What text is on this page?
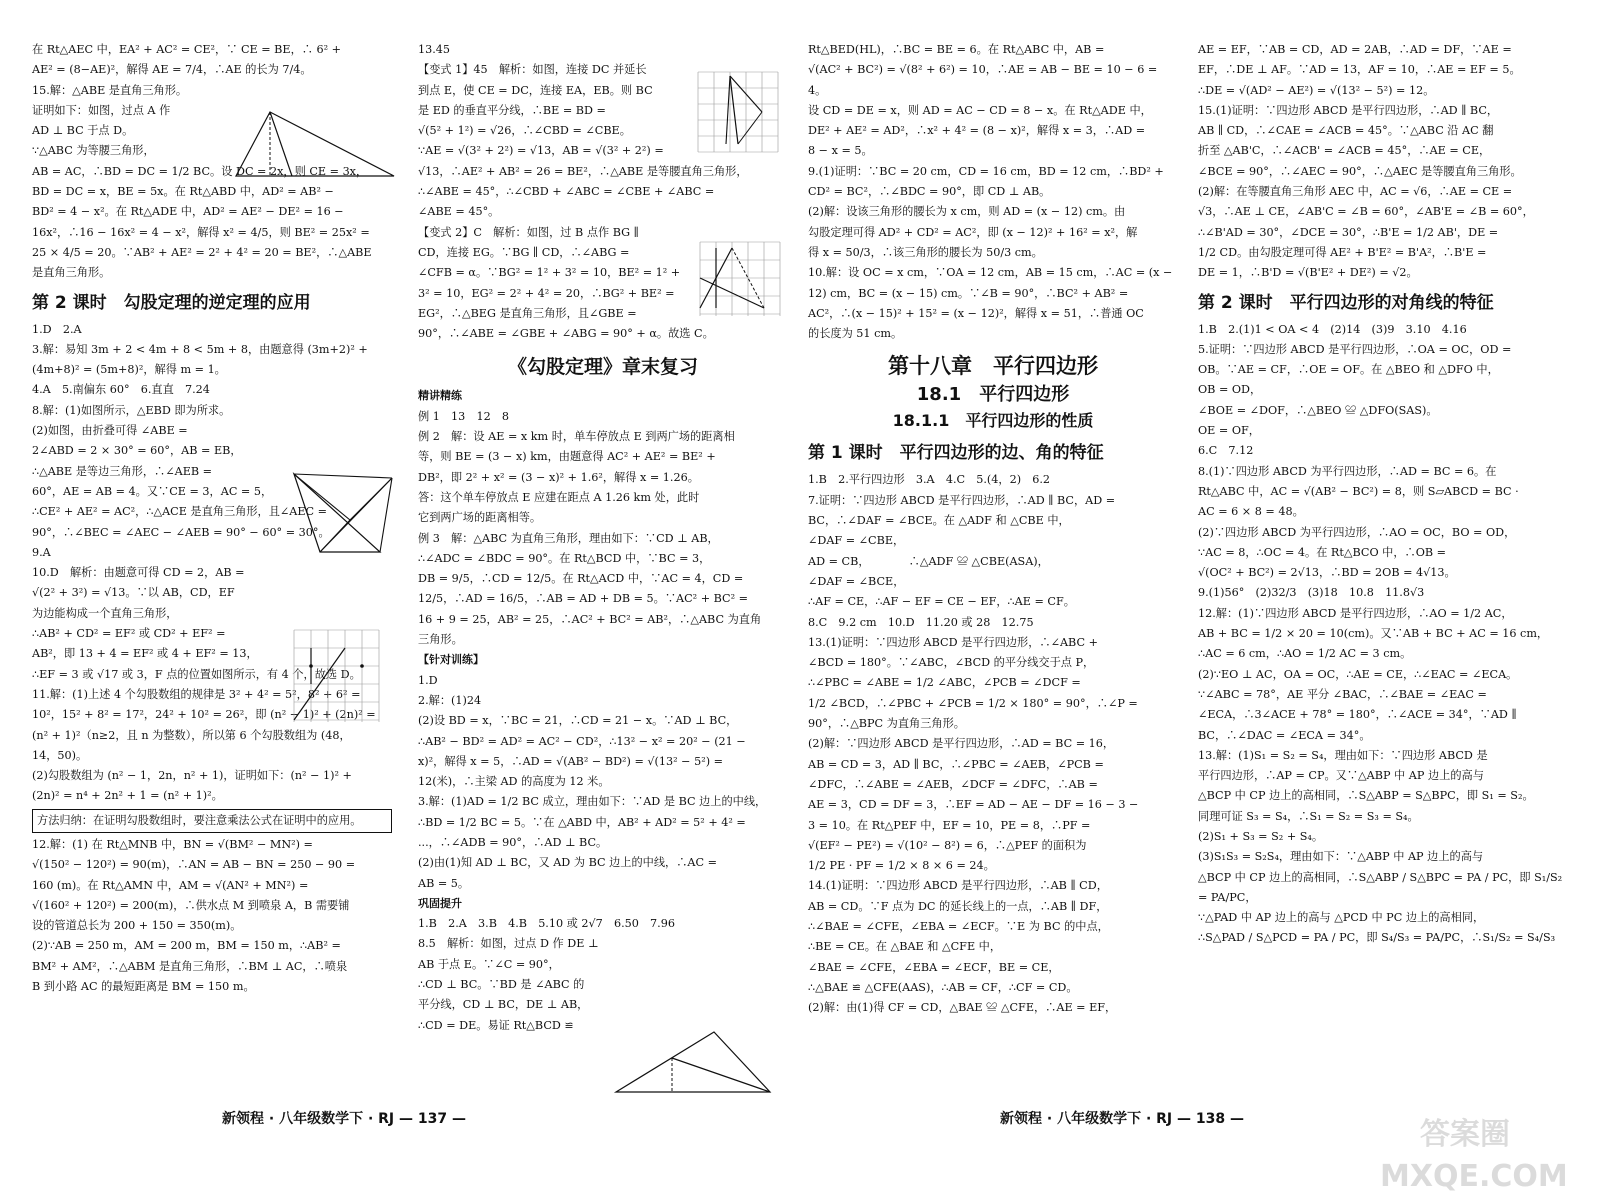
在 Rt△AEC 中，EA² + AC² = CE²，∵ CE = BE，∴ 6² +

AE² = (8−AE)²，解得 AE = 7/4，∴AE 的长为 7/4。

15.解：△ABE 是直角三角形。

证明如下：如图，过点 A 作

AD ⊥ BC 于点 D。

∵△ABC 为等腰三角形，

AB = AC，∴BD = DC = 1/2 BC。设 DC = 2x，则 CE = 3x，

BD = DC = x，BE = 5x。在 Rt△ABD 中，AD² = AB² −

BD² = 4 − x²。在 Rt△ADE 中，AD² = AE² − DE² = 16 −

16x²，∴16 − 16x² = 4 − x²，解得 x² = 4/5，则 BE² = 25x² =

25 × 4/5 = 20。∵AB² + AE² = 2² + 4² = 20 = BE²，∴△ABE

是直角三角形。

第 2 课时　勾股定理的逆定理的应用

1.D　2.A

3.解：易知 3m + 2 < 4m + 8 < 5m + 8，由题意得 (3m+2)² +

(4m+8)² = (5m+8)²，解得 m = 1。

4.A　5.南偏东 60°　6.直直　7.24

8.解：(1)如图所示，△EBD 即为所求。

(2)如图，由折叠可得 ∠ABE =

2∠ABD = 2 × 30° = 60°，AB = EB，

∴△ABE 是等边三角形，∴∠AEB =

60°，AE = AB = 4。又∵CE = 3，AC = 5，

∴CE² + AE² = AC²，∴△ACE 是直角三角形，且∠AEC =

90°，∴∠BEC = ∠AEC − ∠AEB = 90° − 60° = 30°。

9.A

10.D　解析：由题意可得 CD = 2，AB =

√(2² + 3²) = √13。∵以 AB，CD，EF

为边能构成一个直角三角形，

∴AB² + CD² = EF² 或 CD² + EF² =

AB²，即 13 + 4 = EF² 或 4 + EF² = 13，

∴EF = 3 或 √17 或 3，F 点的位置如图所示，有 4 个，故选 D。

11.解：(1)上述 4 个勾股数组的规律是 3² + 4² = 5²，8² + 6² =

10²，15² + 8² = 17²，24² + 10² = 26²，即 (n² − 1)² + (2n)² =

(n² + 1)²（n≥2，且 n 为整数），所以第 6 个勾股数组为 (48，

14，50)。

(2)勾股数组为 (n² − 1，2n，n² + 1)，证明如下：(n² − 1)² +

(2n)² = n⁴ + 2n² + 1 = (n² + 1)²。

方法归纳：在证明勾股数组时，要注意乘法公式在证明中的应用。

12.解：(1) 在 Rt△MNB 中，BN = √(BM² − MN²) =

√(150² − 120²) = 90(m)，∴AN = AB − BN = 250 − 90 =

160 (m)。在 Rt△AMN 中，AM = √(AN² + MN²) =

√(160² + 120²) = 200(m)，∴供水点 M 到喷泉 A，B 需要铺

设的管道总长为 200 + 150 = 350(m)。

(2)∵AB = 250 m，AM = 200 m，BM = 150 m，∴AB² =

BM² + AM²，∴△ABM 是直角三角形，∴BM ⊥ AC，∴喷泉

B 到小路 AC 的最短距离是 BM = 150 m。

13.45

【变式 1】45　解析：如图，连接 DC 并延长

到点 E，使 CE = DC，连接 EA，EB。则 BC

是 ED 的垂直平分线，∴BE = BD =

√(5² + 1²) = √26，∴∠CBD = ∠CBE。

∵AE = √(3² + 2²) = √13，AB = √(3² + 2²) =

√13，∴AE² + AB² = 26 = BE²，∴△ABE 是等腰直角三角形，

∴∠ABE = 45°，∴∠CBD + ∠ABC = ∠CBE + ∠ABC =

∠ABE = 45°。

【变式 2】C　解析：如图，过 B 点作 BG ∥

CD，连接 EG。∵BG ∥ CD，∴∠ABG =

∠CFB = α。∵BG² = 1² + 3² = 10，BE² = 1² +

3² = 10，EG² = 2² + 4² = 20，∴BG² + BE² =

EG²，∴△BEG 是直角三角形，且∠GBE =

90°，∴∠ABE = ∠GBE + ∠ABG = 90° + α。故选 C。

《勾股定理》章末复习

精讲精练

例 1　13　12　8

例 2　解：设 AE = x km 时，单车停放点 E 到两广场的距离相

等，则 BE = (3 − x) km，由题意得 AC² + AE² = BE² +

DB²，即 2² + x² = (3 − x)² + 1.6²，解得 x = 1.26。

答：这个单车停放点 E 应建在距点 A 1.26 km 处，此时

它到两广场的距离相等。

例 3　解：△ABC 为直角三角形，理由如下：∵CD ⊥ AB，

∴∠ADC = ∠BDC = 90°。在 Rt△BCD 中，∵BC = 3，

DB = 9/5，∴CD = 12/5。在 Rt△ACD 中，∵AC = 4，CD =

12/5，∴AD = 16/5，∴AB = AD + DB = 5。∵AC² + BC² =

16 + 9 = 25，AB² = 25，∴AC² + BC² = AB²，∴△ABC 为直角

三角形。

【针对训练】

1.D

2.解：(1)24

(2)设 BD = x，∵BC = 21，∴CD = 21 − x。∵AD ⊥ BC，

∴AB² − BD² = AD² = AC² − CD²，∴13² − x² = 20² − (21 −

x)²，解得 x = 5，∴AD = √(AB² − BD²) = √(13² − 5²) =

12(米)，∴主梁 AD 的高度为 12 米。

3.解：(1)AD = 1/2 BC 成立，理由如下：∵AD 是 BC 边上的中线，

∴BD = 1/2 BC = 5。∵在 △ABD 中，AB² + AD² = 5² + 4² =

...，∴∠ADB = 90°，∴AD ⊥ BC。

(2)由(1)知 AD ⊥ BC，又 AD 为 BC 边上的中线，∴AC =

AB = 5。

巩固提升

1.B　2.A　3.B　4.B　5.10 或 2√7　6.50　7.96

8.5　解析：如图，过点 D 作 DE ⊥

AB 于点 E。∵∠C = 90°，

∴CD ⊥ BC。∵BD 是 ∠ABC 的

平分线，CD ⊥ BC，DE ⊥ AB，

∴CD = DE。易证 Rt△BCD ≌

Rt△BED(HL)，∴BC = BE = 6。在 Rt△ABC 中，AB =

√(AC² + BC²) = √(8² + 6²) = 10，∴AE = AB − BE = 10 − 6 = 4。

设 CD = DE = x，则 AD = AC − CD = 8 − x。在 Rt△ADE 中，

DE² + AE² = AD²，∴x² + 4² = (8 − x)²，解得 x = 3，∴AD =

8 − x = 5。

9.(1)证明：∵BC = 20 cm，CD = 16 cm，BD = 12 cm，∴BD² +

CD² = BC²，∴∠BDC = 90°，即 CD ⊥ AB。

(2)解：设该三角形的腰长为 x cm，则 AD = (x − 12) cm。由

勾股定理可得 AD² + CD² = AC²，即 (x − 12)² + 16² = x²，解

得 x = 50/3，∴该三角形的腰长为 50/3 cm。

10.解：设 OC = x cm，∵OA = 12 cm，AB = 15 cm，∴AC = (x −

12) cm，BC = (x − 15) cm。∵∠B = 90°，∴BC² + AB² =

AC²，∴(x − 15)² + 15² = (x − 12)²，解得 x = 51，∴普通 OC

的长度为 51 cm。

第十八章　平行四边形

18.1　平行四边形

18.1.1　平行四边形的性质

第 1 课时　平行四边形的边、角的特征

1.B　2.平行四边形　3.A　4.C　5.(4，2)　6.2

7.证明：∵四边形 ABCD 是平行四边形，∴AD ∥ BC，AD =

BC，∴∠DAF = ∠BCE。在 △ADF 和 △CBE 中，

∠DAF = ∠CBE，

AD = CB，　　　　∴△ADF ≌ △CBE(ASA)，

∠DAF = ∠BCE，

∴AF = CE，∴AF − EF = CE − EF，∴AE = CF。

8.C　9.2 cm　10.D　11.20 或 28　12.75

13.(1)证明：∵四边形 ABCD 是平行四边形，∴∠ABC +

∠BCD = 180°。∵∠ABC，∠BCD 的平分线交于点 P，

∴∠PBC = ∠ABE = 1/2 ∠ABC，∠PCB = ∠DCF =

1/2 ∠BCD，∴∠PBC + ∠PCB = 1/2 × 180° = 90°，∴∠P =

90°，∴△BPC 为直角三角形。

(2)解：∵四边形 ABCD 是平行四边形，∴AD = BC = 16，

AB = CD = 3，AD ∥ BC，∴∠PBC = ∠AEB，∠PCB =

∠DFC，∴∠ABE = ∠AEB，∠DCF = ∠DFC，∴AB =

AE = 3，CD = DF = 3，∴EF = AD − AE − DF = 16 − 3 −

3 = 10。在 Rt△PEF 中，EF = 10，PE = 8，∴PF =

√(EF² − PE²) = √(10² − 8²) = 6，∴△PEF 的面积为

1/2 PE · PF = 1/2 × 8 × 6 = 24。

14.(1)证明：∵四边形 ABCD 是平行四边形，∴AB ∥ CD，

AB = CD。∵F 点为 DC 的延长线上的一点，∴AB ∥ DF，

∴∠BAE = ∠CFE，∠EBA = ∠ECF。∵E 为 BC 的中点，

∴BE = CE。在 △BAE 和 △CFE 中，

∠BAE = ∠CFE，∠EBA = ∠ECF，BE = CE，

∴△BAE ≌ △CFE(AAS)，∴AB = CF，∴CF = CD。

(2)解：由(1)得 CF = CD，△BAE ≌ △CFE，∴AE = EF，

AE = EF，∵AB = CD，AD = 2AB，∴AD = DF，∵AE =

EF，∴DE ⊥ AF。∵AD = 13，AF = 10，∴AE = EF = 5。

∴DE = √(AD² − AE²) = √(13² − 5²) = 12。

15.(1)证明：∵四边形 ABCD 是平行四边形，∴AD ∥ BC，

AB ∥ CD，∴∠CAE = ∠ACB = 45°。∵△ABC 沿 AC 翻

折至 △AB'C，∴∠ACB' = ∠ACB = 45°，∴AE = CE，

∠BCE = 90°，∴∠AEC = 90°，∴△AEC 是等腰直角三角形。

(2)解：在等腰直角三角形 AEC 中，AC = √6，∴AE = CE =

√3，∴AE ⊥ CE，∠AB'C = ∠B = 60°，∠AB'E = ∠B = 60°，

∴∠B'AD = 30°，∠DCE = 30°，∴B'E = 1/2 AB'，DE =

1/2 CD。由勾股定理可得 AE² + B'E² = B'A²，∴B'E =

DE = 1，∴B'D = √(B'E² + DE²) = √2。

第 2 课时　平行四边形的对角线的特征

1.B　2.(1)1 < OA < 4　(2)14　(3)9　3.10　4.16

5.证明：∵四边形 ABCD 是平行四边形，∴OA = OC，OD =

OB。∵AE = CF，∴OE = OF。在 △BEO 和 △DFO 中，

OB = OD，

∠BOE = ∠DOF，∴△BEO ≌ △DFO(SAS)。

OE = OF，

6.C　7.12

8.(1)∵四边形 ABCD 为平行四边形，∴AD = BC = 6。在

Rt△ABC 中，AC = √(AB² − BC²) = 8，则 S▱ABCD = BC ·

AC = 6 × 8 = 48。

(2)∵四边形 ABCD 为平行四边形，∴AO = OC，BO = OD，

∵AC = 8，∴OC = 4。在 Rt△BCO 中，∴OB =

√(OC² + BC²) = 2√13，∴BD = 2OB = 4√13。

9.(1)56°　(2)32/3　(3)18　10.8　11.8√3

12.解：(1)∵四边形 ABCD 是平行四边形，∴AO = 1/2 AC，

AB + BC = 1/2 × 20 = 10(cm)。又∵AB + BC + AC = 16 cm，

∴AC = 6 cm，∴AO = 1/2 AC = 3 cm。

(2)∵EO ⊥ AC，OA = OC，∴AE = CE，∴∠EAC = ∠ECA。

∵∠ABC = 78°，AE 平分 ∠BAC，∴∠BAE = ∠EAC =

∠ECA，∴3∠ACE + 78° = 180°，∴∠ACE = 34°，∵AD ∥

BC，∴∠DAC = ∠ECA = 34°。

13.解：(1)S₁ = S₂ = S₄，理由如下：∵四边形 ABCD 是

平行四边形，∴AP = CP。又∵△ABP 中 AP 边上的高与

△BCP 中 CP 边上的高相同，∴S△ABP = S△BPC，即 S₁ = S₂。

同理可证 S₃ = S₄，∴S₁ = S₂ = S₃ = S₄。

(2)S₁ + S₃ = S₂ + S₄。

(3)S₁S₃ = S₂S₄，理由如下：∵△ABP 中 AP 边上的高与

△BCP 中 CP 边上的高相同，∴S△ABP / S△BPC = PA / PC，即 S₁/S₂ = PA/PC，

∵△PAD 中 AP 边上的高与 △PCD 中 PC 边上的高相同，

∴S△PAD / S△PCD = PA / PC，即 S₄/S₃ = PA/PC，∴S₁/S₂ = S₄/S₃

新领程 · 八年级数学下 · RJ — 137 —	新领程 · 八年级数学下 · RJ — 138 —	答案圈
MXQE.COM
